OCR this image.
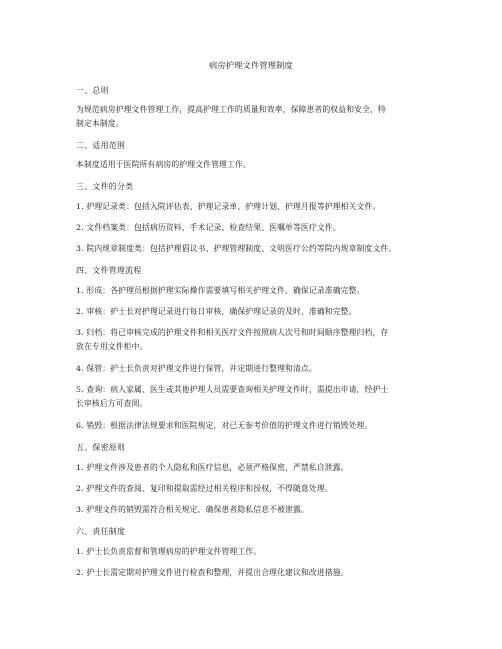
病房护理文件管理制度
一、总则
为规范病房护理文件管理工作，提高护理工作的质量和效率，保障患者的权益和安全，特
制定本制度。
二、适用范围
本制度适用于医院所有病房的护理文件管理工作。
三、文件的分类
1. 护理记录类：包括入院评估表、护理记录单、护理计划、护理月报等护理相关文件。
2. 文件档案类：包括病历资料、手术记录、检查结果、医嘱单等医疗文件。
3. 院内规章制度类：包括护理倡议书、护理管理制度、文明医疗公约等院内规章制度文件。
四、文件管理流程
1. 形成：各护理员根据护理实际操作需要填写相关护理文件，确保记录准确完整。
2. 审核：护士长对护理记录进行每日审核，确保护理记录的及时、准确和完整。
3. 归档：将已审核完成的护理文件和相关医疗文件按照病人次号和时间顺序整理归档，存
放在专用文件柜中。
4. 保管：护士长负责对护理文件进行保管，并定期进行整理和清点。
5. 查询：病人家属、医生或其他护理人员需要查询相关护理文件时，需提出申请，经护士
长审核后方可查阅。
6. 销毁：根据法律法规要求和医院规定，对已无参考价值的护理文件进行销毁处理。
五、保密原则
1. 护理文件涉及患者的个人隐私和医疗信息，必须严格保密，严禁私自泄露。
2. 护理文件的查阅、复印和提取需经过相关程序和授权，不得随意处理。
3. 护理文件的销毁需符合相关规定，确保患者隐私信息不被泄露。
六、责任制度
1. 护士长负责监督和管理病房的护理文件管理工作。
2. 护士长需定期对护理文件进行检查和整理，并提出合理化建议和改进措施。
